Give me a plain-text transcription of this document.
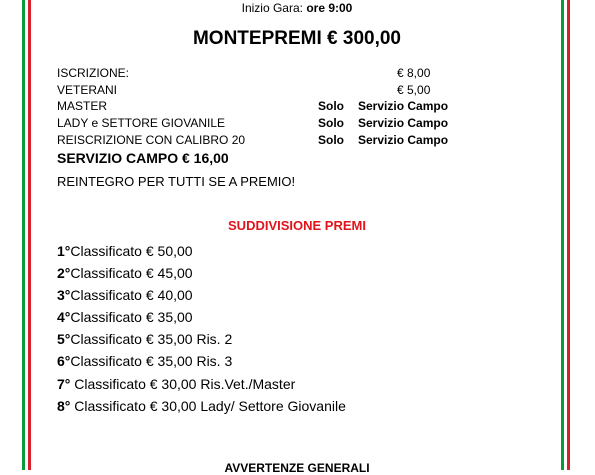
Inizio Gara: ore 9:00
MONTEPREMI € 300,00
ISCRIZIONE:	€ 8,00
VETERANI	€ 5,00
MASTER	Solo Servizio Campo
LADY e SETTORE GIOVANILE	Solo Servizio Campo
REISCRIZIONE CON CALIBRO 20	Solo Servizio Campo
SERVIZIO CAMPO € 16,00
REINTEGRO PER TUTTI SE A PREMIO!
SUDDIVISIONE PREMI
1°Classificato € 50,00
2°Classificato € 45,00
3°Classificato € 40,00
4°Classificato € 35,00
5°Classificato € 35,00 Ris. 2
6°Classificato € 35,00 Ris. 3
7° Classificato € 30,00 Ris.Vet./Master
8° Classificato € 30,00 Lady/ Settore Giovanile
AVVERTENZE GENERALI
